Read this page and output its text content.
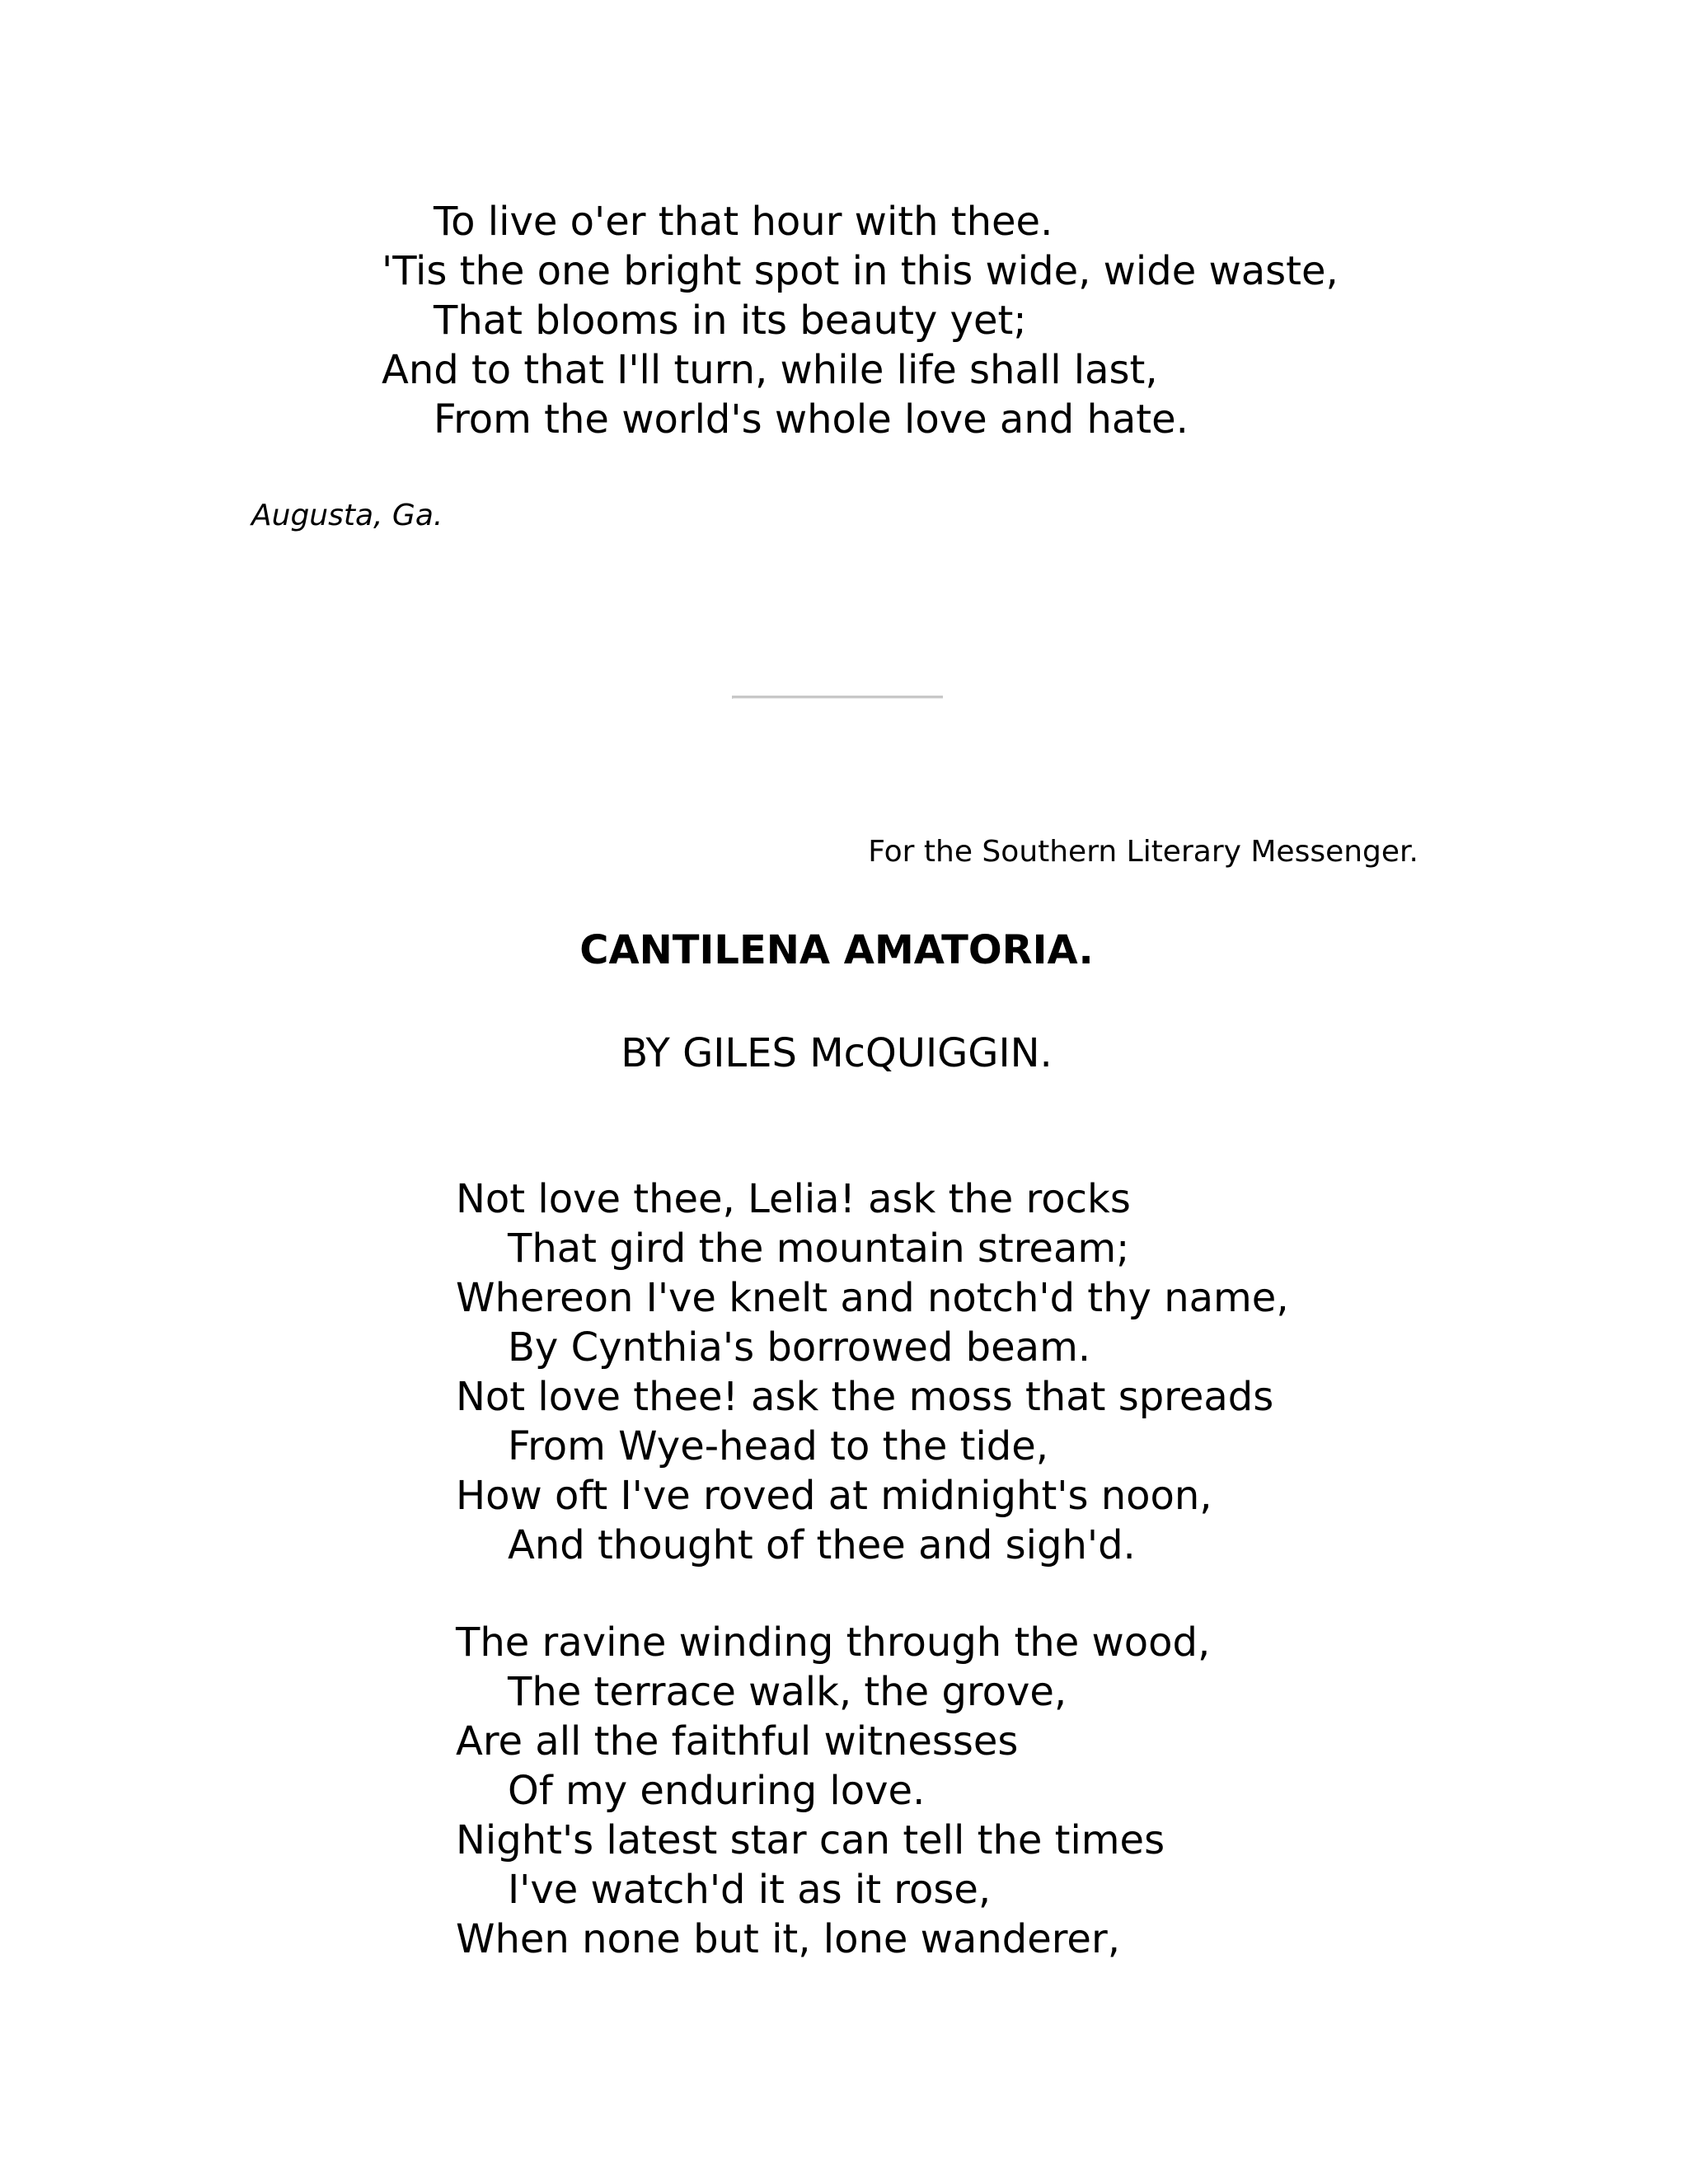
To live o'er that hour with thee.
'Tis the one bright spot in this wide, wide waste,
That blooms in its beauty yet;
And to that I'll turn, while life shall last,
From the world's whole love and hate.
Augusta, Ga.
For the Southern Literary Messenger.
CANTILENA AMATORIA.
BY GILES McQUIGGIN.
Not love thee, Lelia! ask the rocks
That gird the mountain stream;
Whereon I've knelt and notch'd thy name,
By Cynthia's borrowed beam.
Not love thee! ask the moss that spreads
From Wye-head to the tide,
How oft I've roved at midnight's noon,
And thought of thee and sigh'd.
The ravine winding through the wood,
The terrace walk, the grove,
Are all the faithful witnesses
Of my enduring love.
Night's latest star can tell the times
I've watch'd it as it rose,
When none but it, lone wanderer,
